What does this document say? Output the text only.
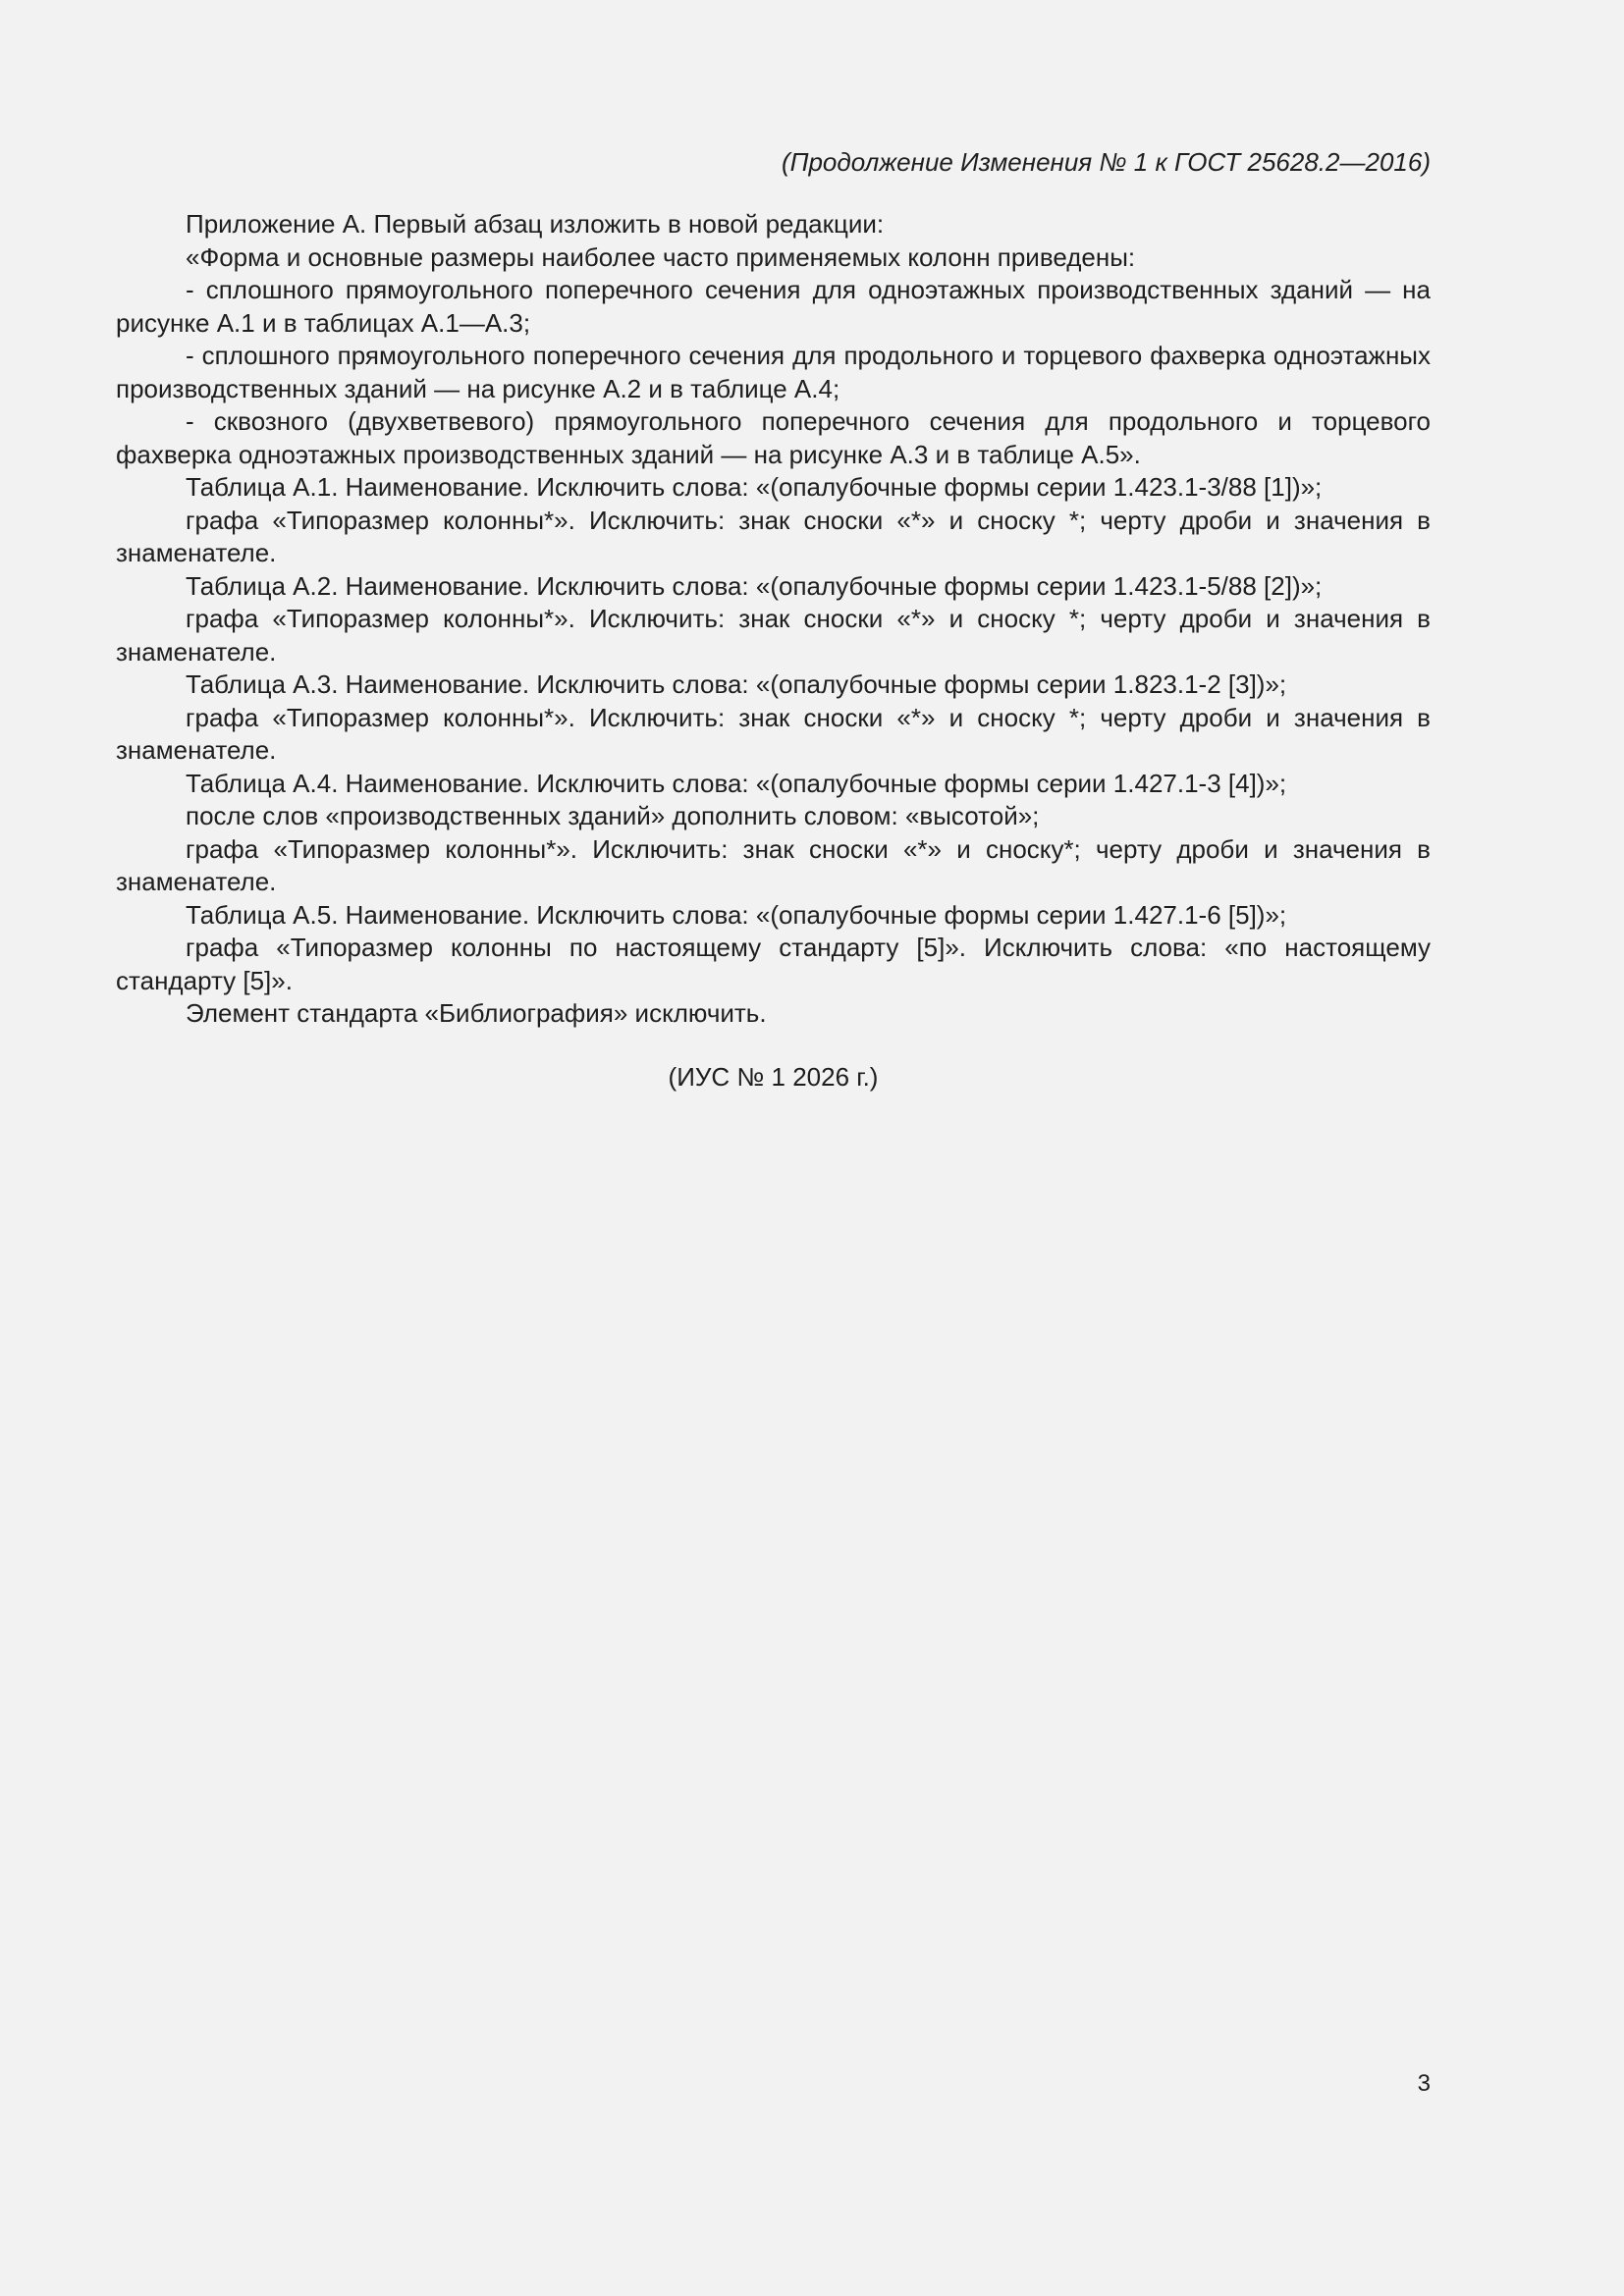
(Продолжение Изменения № 1 к ГОСТ 25628.2—2016)

Приложение А. Первый абзац изложить в новой редакции:

«Форма и основные размеры наиболее часто применяемых колонн приведены:

- сплошного прямоугольного поперечного сечения для одноэтажных производственных зданий — на рисунке А.1 и в таблицах А.1—А.3;

- сплошного прямоугольного поперечного сечения для продольного и торцевого фахверка одноэтажных производственных зданий — на рисунке А.2 и в таблице А.4;

- сквозного (двухветвевого) прямоугольного поперечного сечения для продольного и торцевого фахверка одноэтажных производственных зданий — на рисунке А.3 и в таблице А.5».

Таблица А.1. Наименование. Исключить слова: «(опалубочные формы серии 1.423.1-3/88 [1])»;

графа «Типоразмер колонны*». Исключить: знак сноски «*» и сноску *; черту дроби и значения в знаменателе.

Таблица А.2. Наименование. Исключить слова: «(опалубочные формы серии 1.423.1-5/88 [2])»;

графа «Типоразмер колонны*». Исключить: знак сноски «*» и сноску *; черту дроби и значения в знаменателе.

Таблица А.3. Наименование. Исключить слова: «(опалубочные формы серии 1.823.1-2 [3])»;

графа «Типоразмер колонны*». Исключить: знак сноски «*» и сноску *; черту дроби и значения в знаменателе.

Таблица А.4. Наименование. Исключить слова: «(опалубочные формы серии 1.427.1-3 [4])»;

после слов «производственных зданий» дополнить словом: «высотой»;

графа «Типоразмер колонны*». Исключить: знак сноски «*» и сноску*; черту дроби и значения в знаменателе.

Таблица А.5. Наименование. Исключить слова: «(опалубочные формы серии 1.427.1-6 [5])»;

графа «Типоразмер колонны по настоящему стандарту [5]». Исключить слова: «по настоящему стандарту [5]».

Элемент стандарта «Библиография» исключить.

(ИУС № 1 2026 г.)
3
